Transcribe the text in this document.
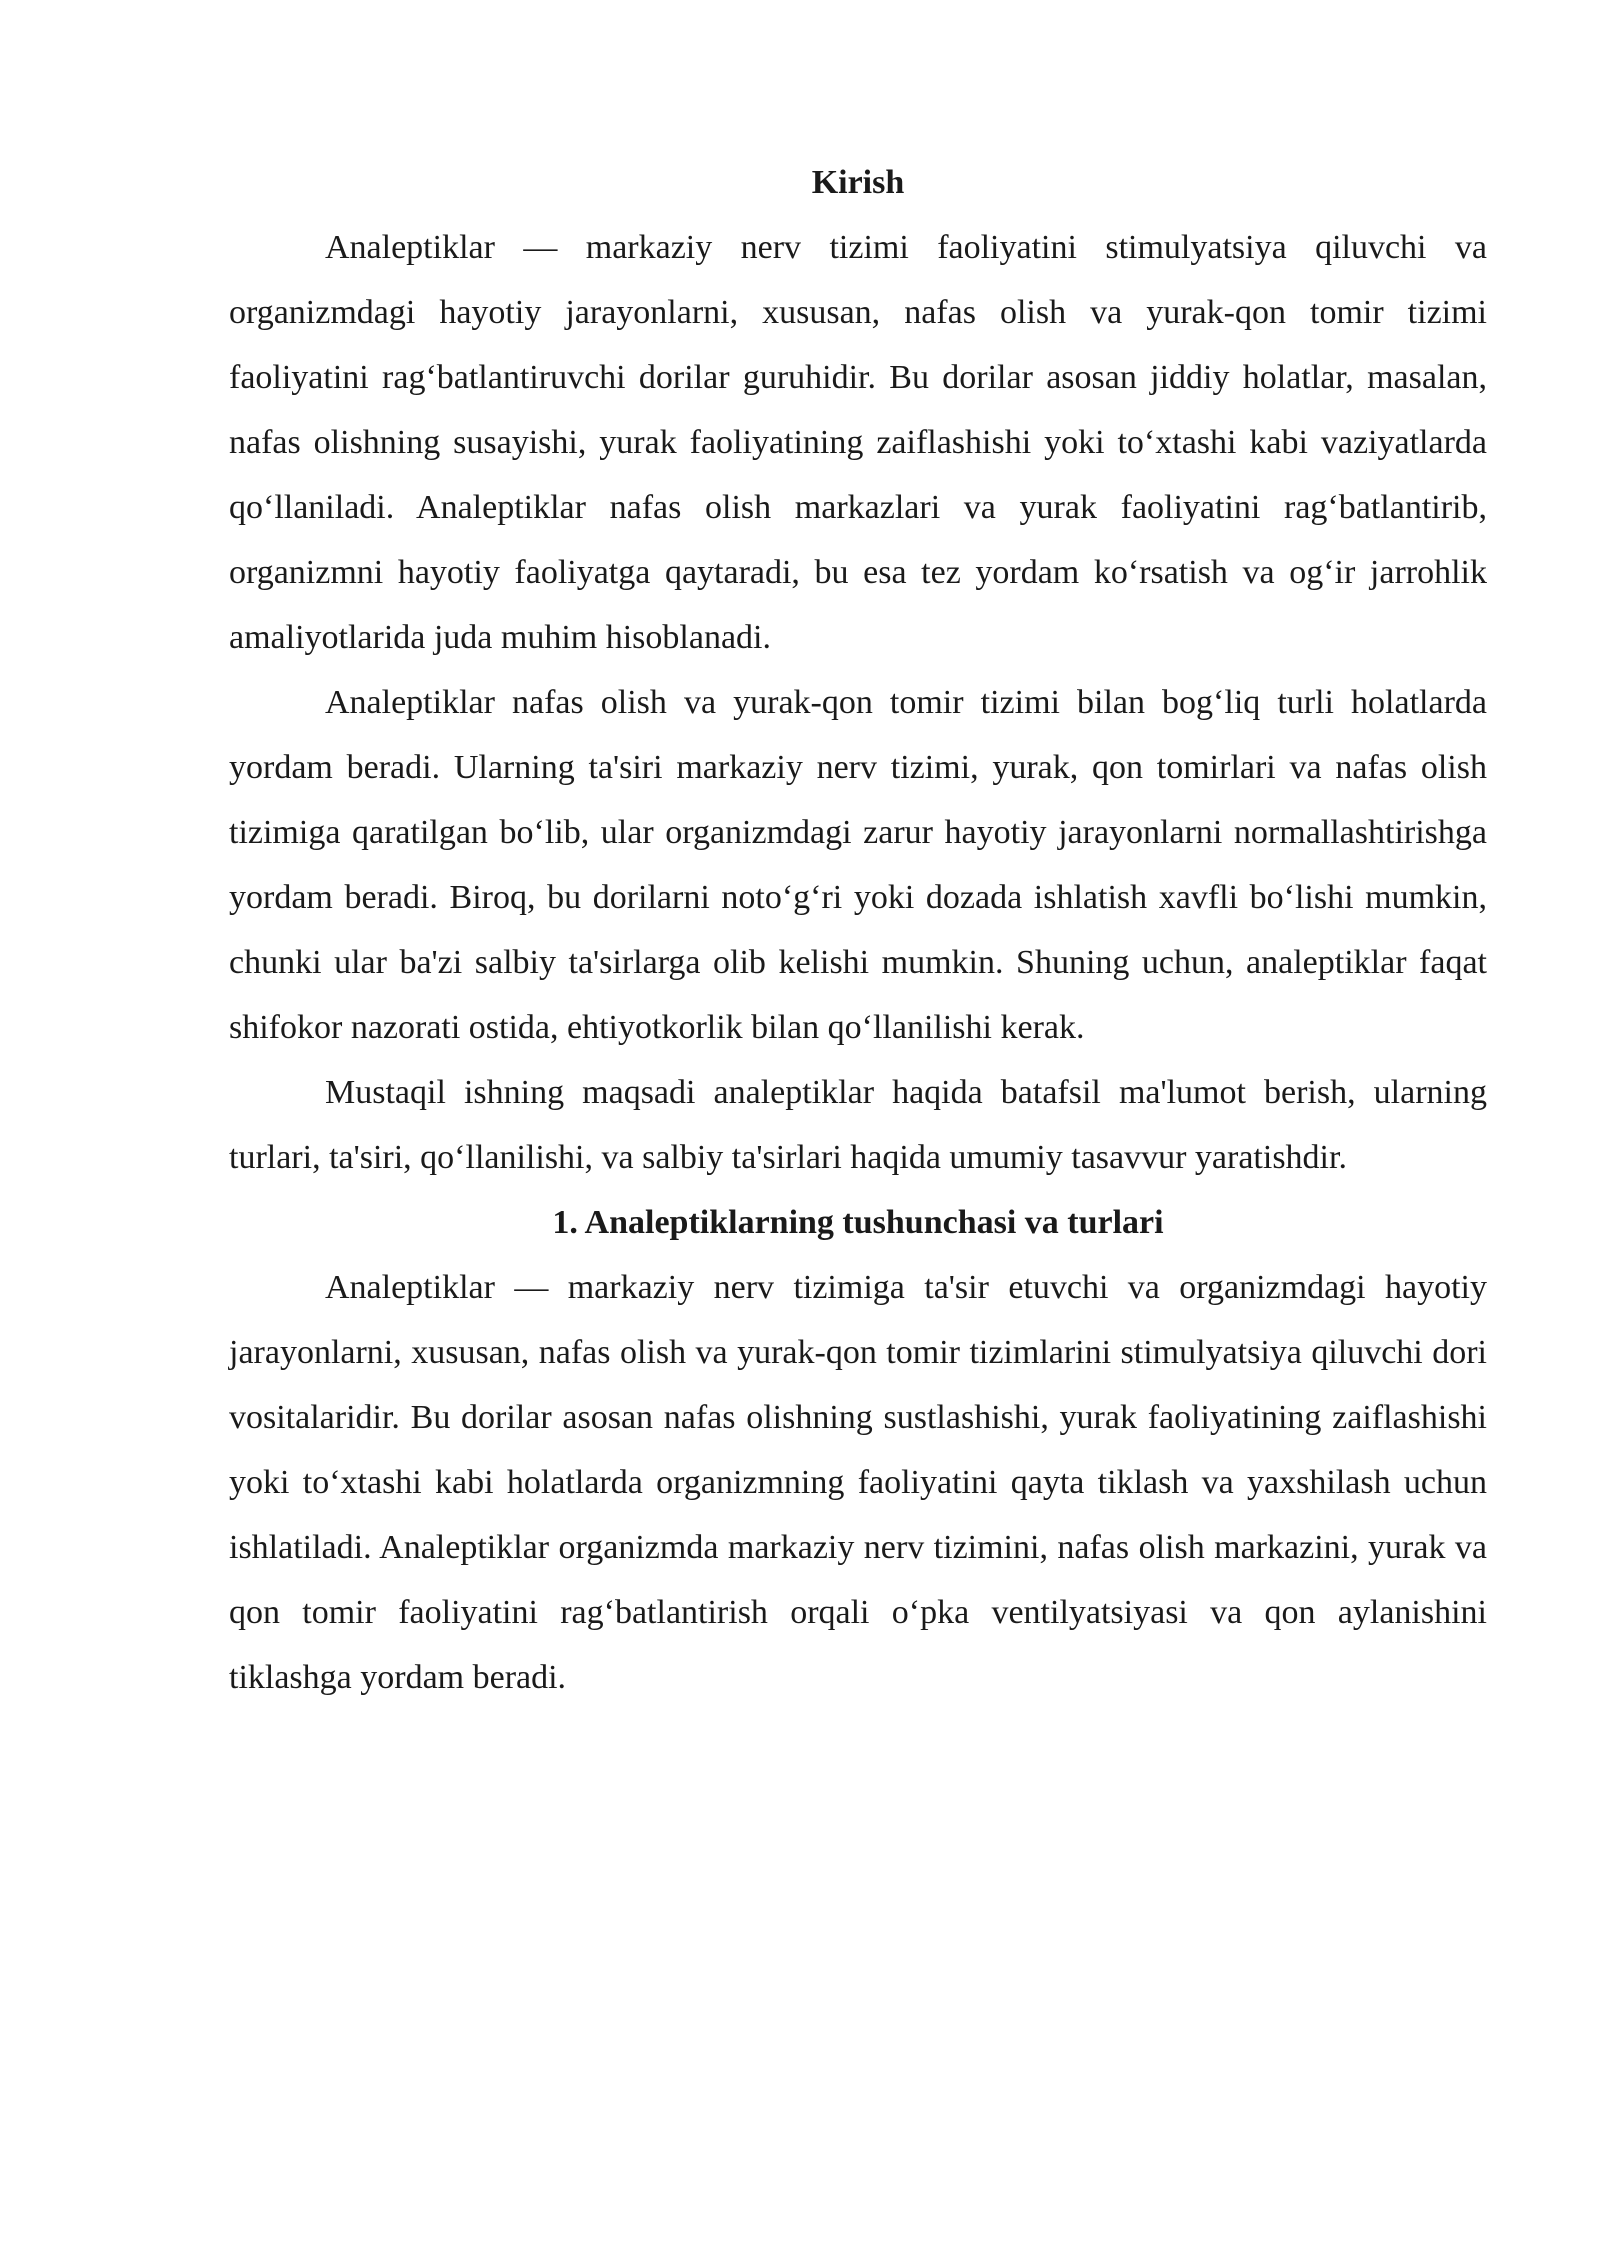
Kirish

Analeptiklar — markaziy nerv tizimi faoliyatini stimulyatsiya qiluvchi va organizmdagi hayotiy jarayonlarni, xususan, nafas olish va yurak-qon tomir tizimi faoliyatini rag‘batlantiruvchi dorilar guruhidir. Bu dorilar asosan jiddiy holatlar, masalan, nafas olishning susayishi, yurak faoliyatining zaiflashishi yoki to‘xtashi kabi vaziyatlarda qo‘llaniladi. Analeptiklar nafas olish markazlari va yurak faoliyatini rag‘batlantirib, organizmni hayotiy faoliyatga qaytaradi, bu esa tez yordam ko‘rsatish va og‘ir jarrohlik amaliyotlarida juda muhim hisoblanadi.

Analeptiklar nafas olish va yurak-qon tomir tizimi bilan bog‘liq turli holatlarda yordam beradi. Ularning ta'siri markaziy nerv tizimi, yurak, qon tomirlari va nafas olish tizimiga qaratilgan bo‘lib, ular organizmdagi zarur hayotiy jarayonlarni normallashtirishga yordam beradi. Biroq, bu dorilarni noto‘g‘ri yoki dozada ishlatish xavfli bo‘lishi mumkin, chunki ular ba'zi salbiy ta'sirlarga olib kelishi mumkin. Shuning uchun, analeptiklar faqat shifokor nazorati ostida, ehtiyotkorlik bilan qo‘llanilishi kerak.

Mustaqil ishning maqsadi analeptiklar haqida batafsil ma'lumot berish, ularning turlari, ta'siri, qo‘llanilishi, va salbiy ta'sirlari haqida umumiy tasavvur yaratishdir.

1. Analeptiklarning tushunchasi va turlari

Analeptiklar — markaziy nerv tizimiga ta'sir etuvchi va organizmdagi hayotiy jarayonlarni, xususan, nafas olish va yurak-qon tomir tizimlarini stimulyatsiya qiluvchi dori vositalaridir. Bu dorilar asosan nafas olishning sustlashishi, yurak faoliyatining zaiflashishi yoki to‘xtashi kabi holatlarda organizmning faoliyatini qayta tiklash va yaxshilash uchun ishlatiladi. Analeptiklar organizmda markaziy nerv tizimini, nafas olish markazini, yurak va qon tomir faoliyatini rag‘batlantirish orqali o‘pka ventilyatsiyasi va qon aylanishini tiklashga yordam beradi.
